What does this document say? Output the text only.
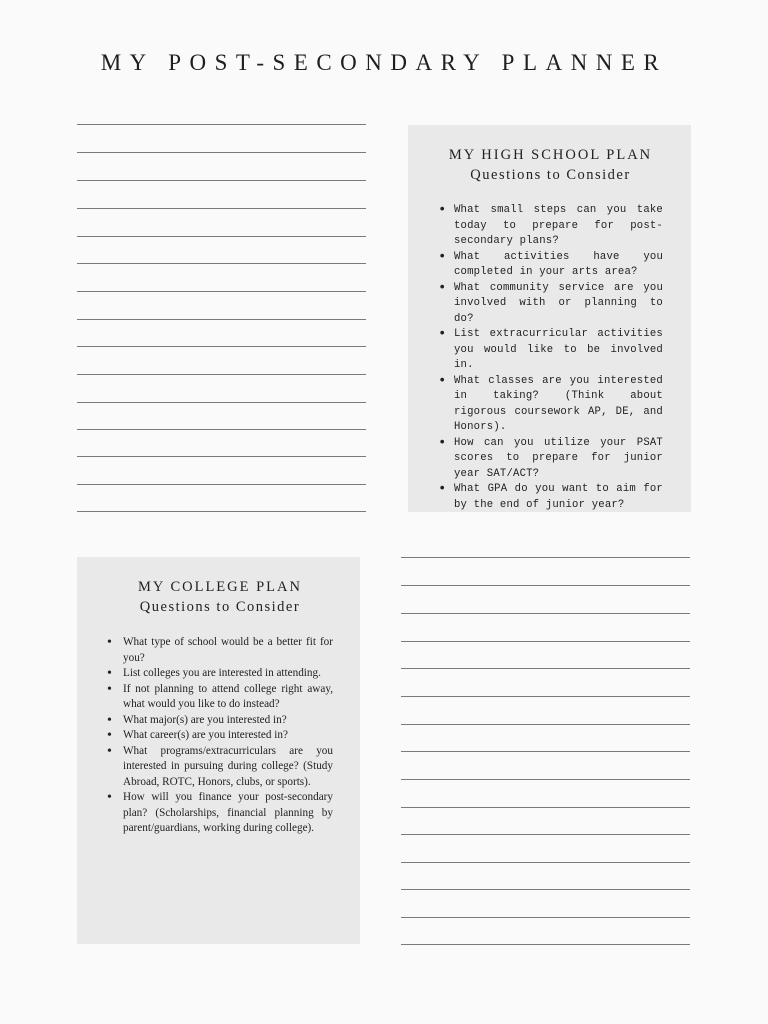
MY POST-SECONDARY PLANNER
MY HIGH SCHOOL PLAN
Questions to Consider
• What small steps can you take today to prepare for post-secondary plans?
• What activities have you completed in your arts area?
• What community service are you involved with or planning to do?
• List extracurricular activities you would like to be involved in.
• What classes are you interested in taking? (Think about rigorous coursework AP, DE, and Honors).
• How can you utilize your PSAT scores to prepare for junior year SAT/ACT?
• What GPA do you want to aim for by the end of junior year?
MY COLLEGE PLAN
Questions to Consider
• What type of school would be a better fit for you?
• List colleges you are interested in attending.
• If not planning to attend college right away, what would you like to do instead?
• What major(s) are you interested in?
• What career(s) are you interested in?
• What programs/extracurriculars are you interested in pursuing during college? (Study Abroad, ROTC, Honors, clubs, or sports).
• How will you finance your post-secondary plan? (Scholarships, financial planning by parent/guardians, working during college).
